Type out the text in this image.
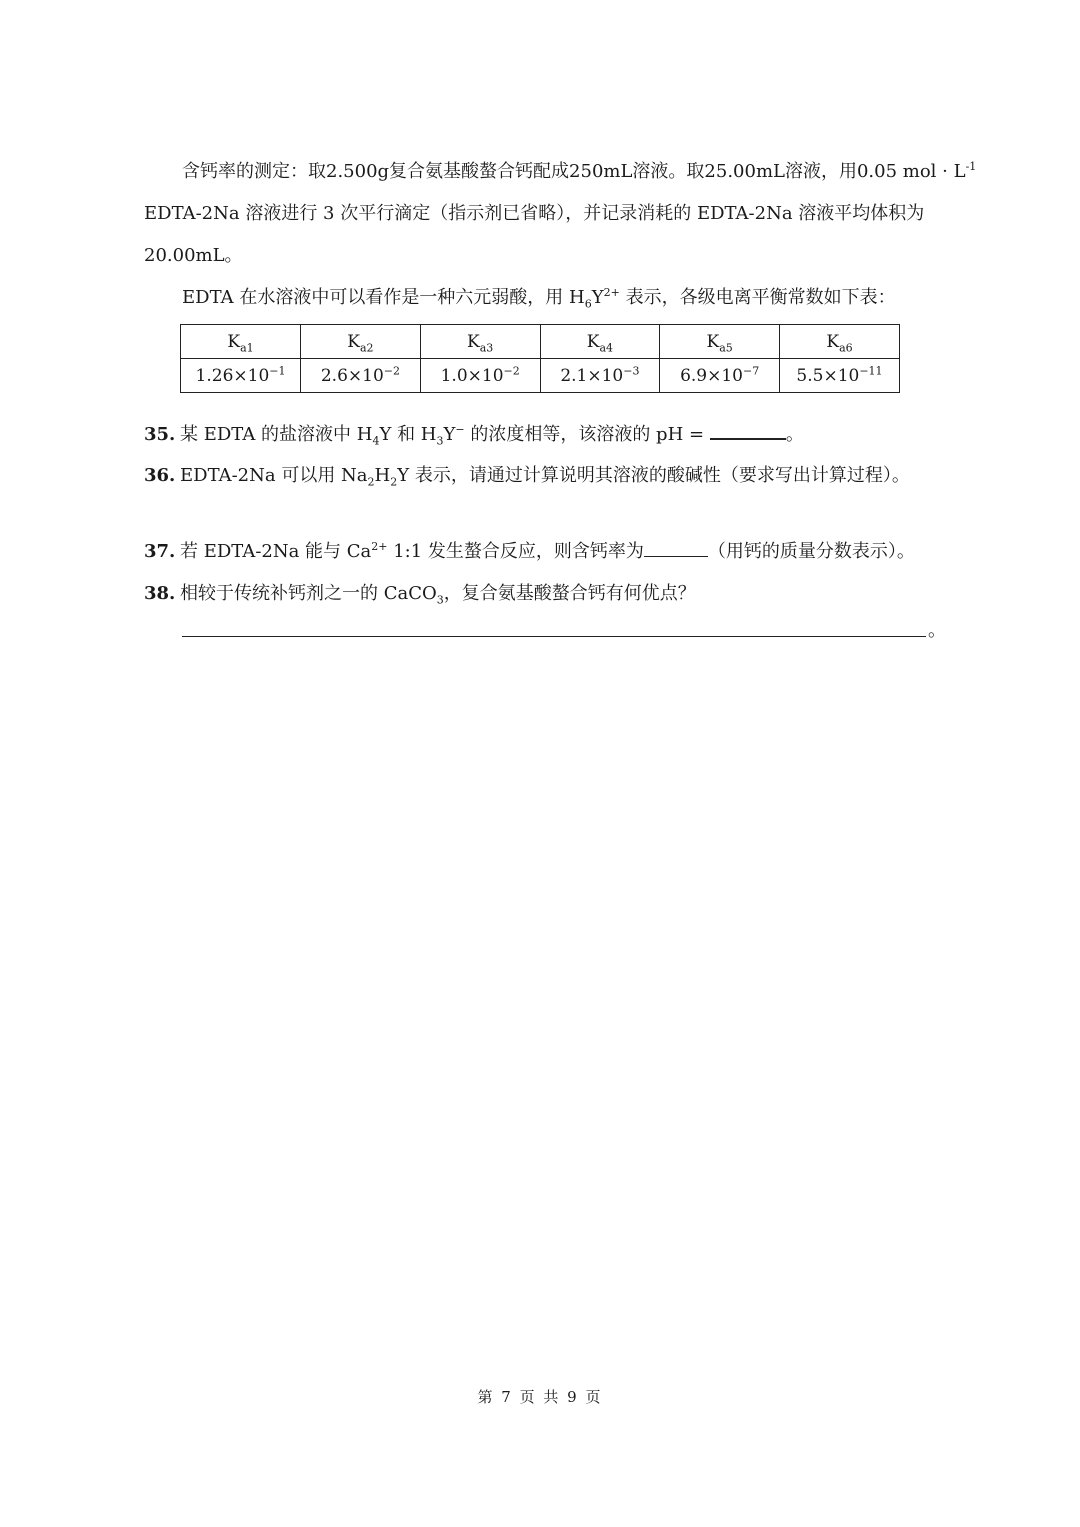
含钙率的测定：取2.500g复合氨基酸螯合钙配成250mL溶液。取25.00mL溶液，用0.05 mol · $L^{-1}$
EDTA-2Na 溶液进行 3 次平行滴定（指示剂已省略），并记录消耗的 EDTA-2Na 溶液平均体积为
20.00mL。
EDTA 在水溶液中可以看作是一种六元弱酸，用 $H_6Y^{2+}$ 表示，各级电离平衡常数如下表：
$K_{a1}$	$K_{a2}$	$K_{a3}$	$K_{a4}$	$K_{a5}$	$K_{a6}$
$1.26\times 10^{-1}$	$2.6\times 10^{-2}$	$1.0\times 10^{-2}$	$2.1\times 10^{-3}$	$6.9\times 10^{-7}$	$5.5\times 10^{-11}$
35. 某 EDTA 的盐溶液中 $H_4Y$ 和 $H_3Y^-$ 的浓度相等，该溶液的 pH =	。
36. EDTA-2Na 可以用 $Na_2H_2Y$ 表示，请通过计算说明其溶液的酸碱性（要求写出计算过程）。
37. 若 EDTA-2Na 能与 $Ca^{2+}$ 1:1 发生螯合反应，则含钙率为	（用钙的质量分数表示）。
38. 相较于传统补钙剂之一的 CaCO$_3$，复合氨基酸螯合钙有何优点？
。
第 7 页 共 9 页
